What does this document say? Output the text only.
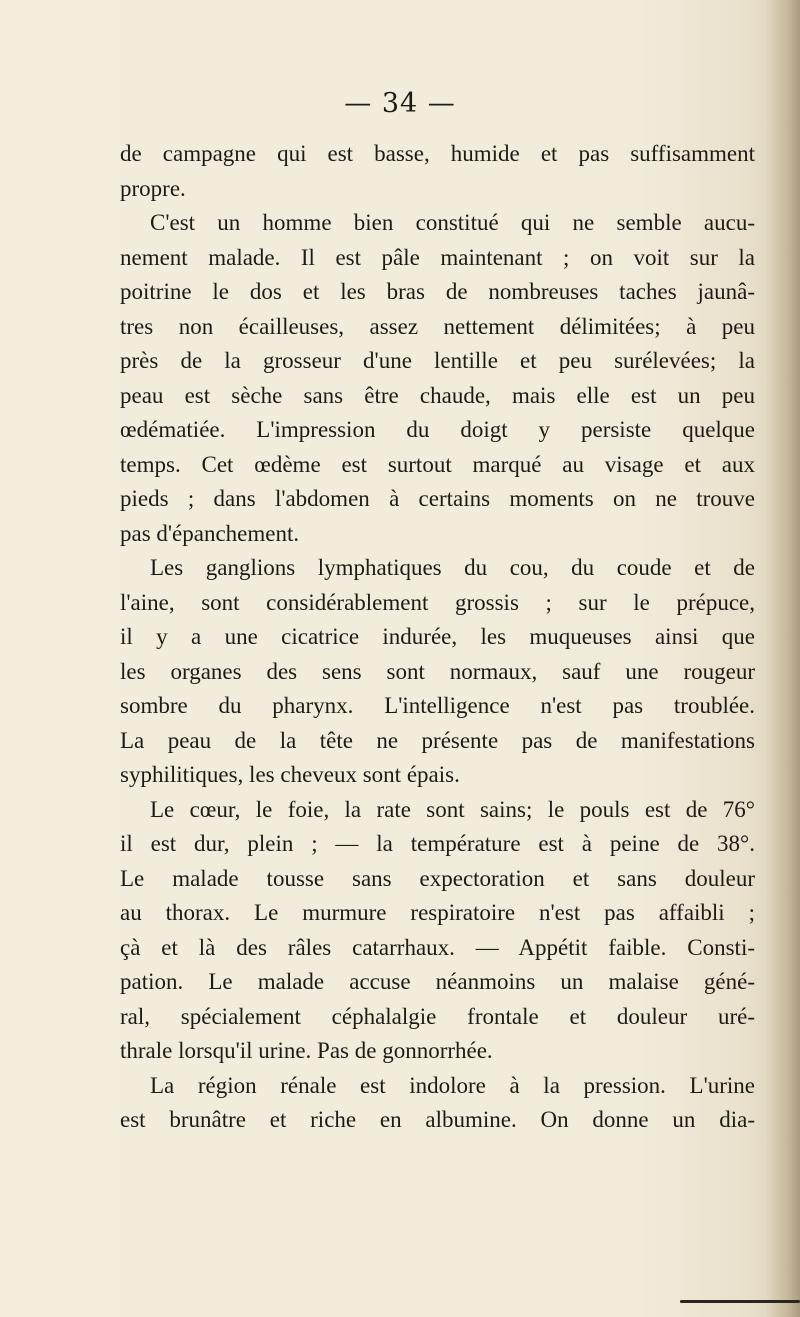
— 34 —

de campagne qui est basse, humide et pas suffisamment

propre.

C'est un homme bien constitué qui ne semble aucu-

nement malade. Il est pâle maintenant ; on voit sur la

poitrine le dos et les bras de nombreuses taches jaunâ-

tres non écailleuses, assez nettement délimitées; à peu

près de la grosseur d'une lentille et peu surélevées; la

peau est sèche sans être chaude, mais elle est un peu

œdématiée. L'impression du doigt y persiste quelque

temps. Cet œdème est surtout marqué au visage et aux

pieds ; dans l'abdomen à certains moments on ne trouve

pas d'épanchement.

Les ganglions lymphatiques du cou, du coude et de

l'aine, sont considérablement grossis ; sur le prépuce,

il y a une cicatrice indurée, les muqueuses ainsi que

les organes des sens sont normaux, sauf une rougeur

sombre du pharynx. L'intelligence n'est pas troublée.

La peau de la tête ne présente pas de manifestations

syphilitiques, les cheveux sont épais.

Le cœur, le foie, la rate sont sains; le pouls est de 76°

il est dur, plein ; — la température est à peine de 38°.

Le malade tousse sans expectoration et sans douleur

au thorax. Le murmure respiratoire n'est pas affaibli ;

çà et là des râles catarrhaux. — Appétit faible. Consti-

pation. Le malade accuse néanmoins un malaise géné-

ral, spécialement céphalalgie frontale et douleur uré-

thrale lorsqu'il urine. Pas de gonnorrhée.

La région rénale est indolore à la pression. L'urine

est brunâtre et riche en albumine. On donne un dia-
